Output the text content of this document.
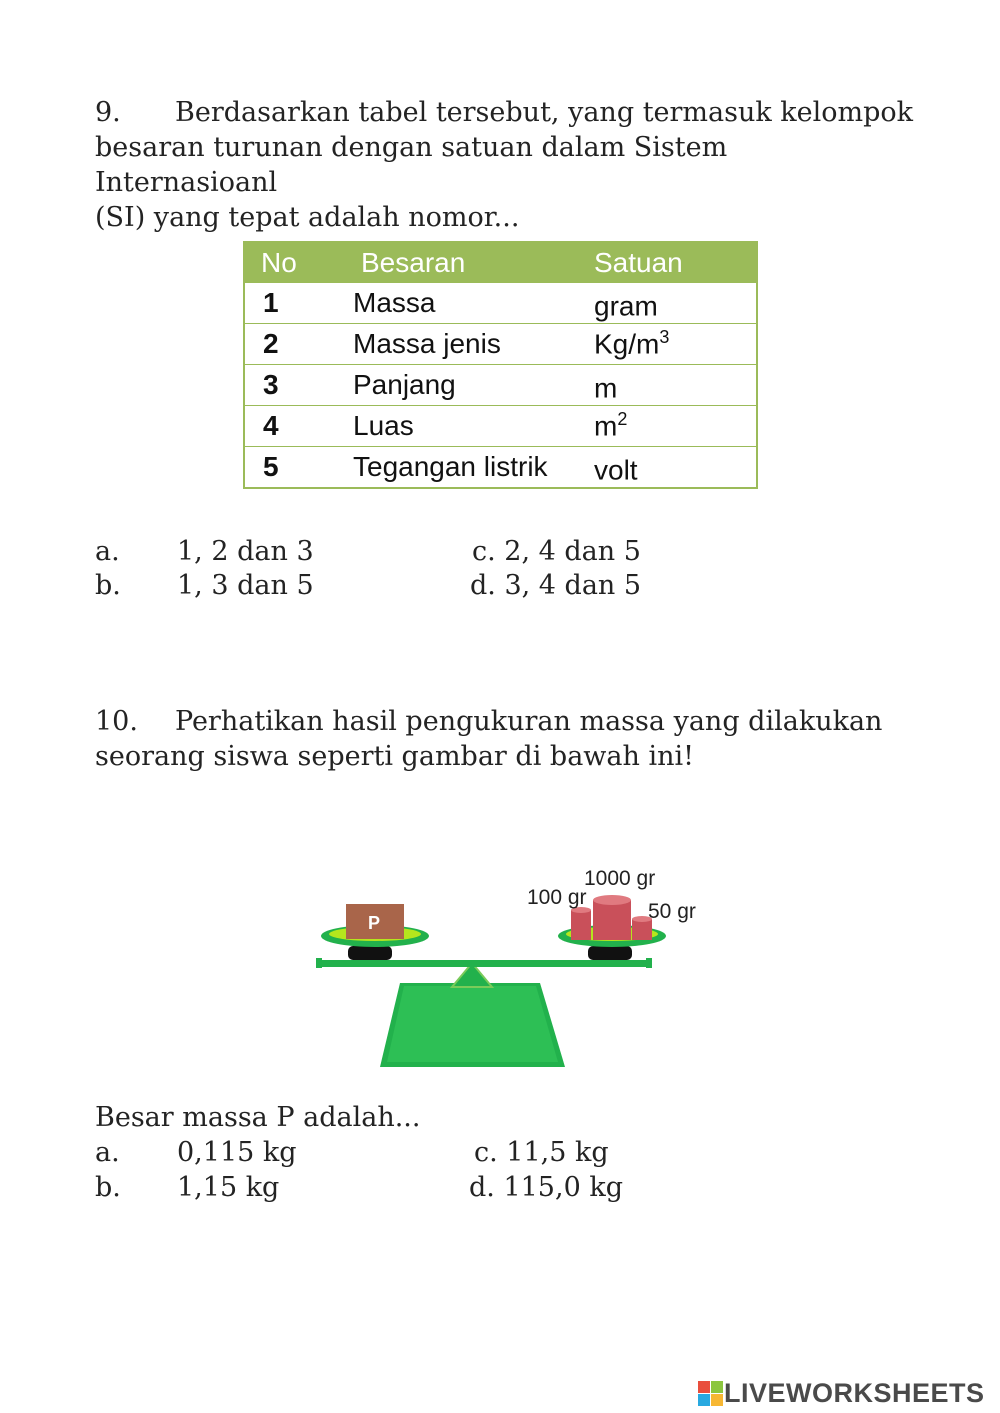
9. Berdasarkan tabel tersebut, yang termasuk kelompok
besaran turunan dengan satuan dalam Sistem Internasioanl
(SI) yang tepat adalah nomor...
No	Besaran	Satuan
1	Massa	gram
2	Massa jenis	$Kg/m^3$
3	Panjang	m
4	Luas	$m^2$
5	Tegangan listrik	volt
a. 1, 2 dan 3
b. 1, 3 dan 5
c. 2, 4 dan 5
d. 3, 4 dan 5
10. Perhatikan hasil pengukuran massa yang dilakukan
seorang siswa seperti gambar di bawah ini!
P
1000 gr
100 gr
50 gr
Besar massa P adalah...
a. 0,115 kg
b. 1,15 kg
c. 11,5 kg
d. 115,0 kg
LIVEWORKSHEETS
